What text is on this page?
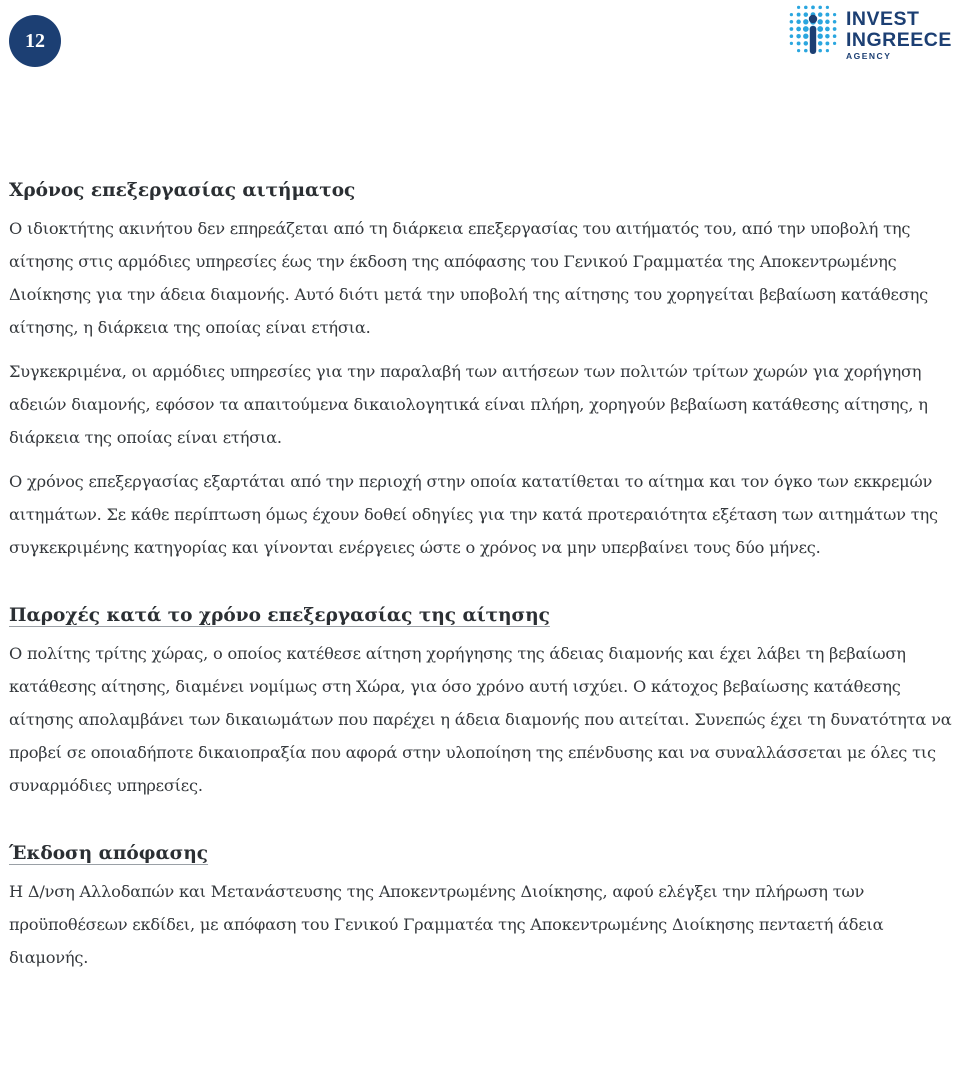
12
INVEST
INGREECE
AGENCY
Χρόνος επεξεργασίας αιτήματος

Ο ιδιοκτήτης ακινήτου δεν επηρεάζεται από τη διάρκεια επεξεργασίας του αιτήματός του, από την υποβολή της αίτησης στις αρμόδιες υπηρεσίες έως την έκδοση της απόφασης του Γενικού Γραμματέα της Αποκεντρωμένης Διοίκησης για την άδεια διαμονής. Αυτό διότι μετά την υποβολή της αίτησης του χορηγείται βεβαίωση κατάθεσης αίτησης, η διάρκεια της οποίας είναι ετήσια.

Συγκεκριμένα, οι αρμόδιες υπηρεσίες για την παραλαβή των αιτήσεων των πολιτών τρίτων χωρών για χορήγηση αδειών διαμονής, εφόσον τα απαιτούμενα δικαιολογητικά είναι πλήρη, χορηγούν βεβαίωση κατάθεσης αίτησης, η διάρκεια της οποίας είναι ετήσια.

Ο χρόνος επεξεργασίας εξαρτάται από την περιοχή στην οποία κατατίθεται το αίτημα και τον όγκο των εκκρεμών αιτημάτων. Σε κάθε περίπτωση όμως έχουν δοθεί οδηγίες για την κατά προτεραιότητα εξέταση των αιτημάτων της συγκεκριμένης κατηγορίας και γίνονται ενέργειες ώστε ο χρόνος να μην υπερβαίνει τους δύο μήνες.

Παροχές κατά το χρόνο επεξεργασίας της αίτησης

Ο πολίτης τρίτης χώρας, ο οποίος κατέθεσε αίτηση χορήγησης της άδειας διαμονής και έχει λάβει τη βεβαίωση κατάθεσης αίτησης, διαμένει νομίμως στη Χώρα, για όσο χρόνο αυτή ισχύει. Ο κάτοχος βεβαίωσης κατάθεσης αίτησης απολαμβάνει των δικαιωμάτων που παρέχει η άδεια διαμονής που αιτείται. Συνεπώς έχει τη δυνατότητα να προβεί σε οποιαδήποτε δικαιοπραξία που αφορά στην υλοποίηση της επένδυσης και να συναλλάσσεται με όλες τις συναρμόδιες υπηρεσίες.

Έκδοση απόφασης

Η Δ/νση Αλλοδαπών και Μετανάστευσης της Αποκεντρωμένης Διοίκησης, αφού ελέγξει την πλήρωση των προϋποθέσεων εκδίδει, με απόφαση του Γενικού Γραμματέα της Αποκεντρωμένης Διοίκησης πενταετή άδεια διαμονής.
